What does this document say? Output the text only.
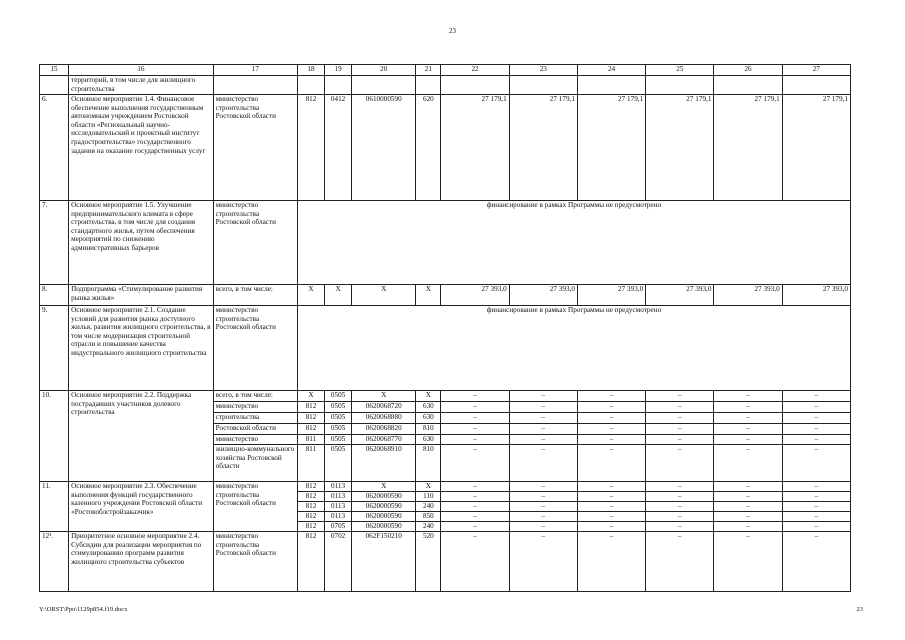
23
15	16	17	18	19	20	21	22	23	24	25	26	27
	территорий, в том числе для жилищного строительства											
6.	Основное мероприятие 1.4. Финансовое обеспечение выполнения государственным автономным учреждением Ростовской области «Региональный научно-исследовательский и проектный институт градостроительства» государственного задания на оказание государственных услуг	министерство строительства Ростовской области	812	0412	0610000590	620	27 179,1	27 179,1	27 179,1	27 179,1	27 179,1	27 179,1
7.	Основное мероприятие 1.5. Улучшение предпринимательского климата в сфере строительства, в том числе для создания стандартного жилья, путем обеспечения мероприятий по снижению административных барьеров	министерство строительства Ростовской области	финансирование в рамках Программы не предусмотрено									
8.	Подпрограмма «Стимулирование развития рынка жилья»	всего, в том числе:	X	X	X	X	27 393,0	27 393,0	27 393,0	27 393,0	27 393,0	27 393,0
9.	Основное мероприятие 2.1. Создание условий для развития рынка доступного жилья, развития жилищного строительства, в том числе модернизация строительной отрасли и повышение качества индустриального жилищного строительства	министерство строительства Ростовской области	финансирование в рамках Программы не предусмотрено									
10.	Основное мероприятие 2.2. Поддержка пострадавших участников долевого строительства	всего, в том числе:	X	0505	X	X	–	–	–	–	–	–
		министерство	812	0505	0620068720	630	–	–	–	–	–	–
		строительства	812	0505	0620068880	630	–	–	–	–	–	–
		Ростовской области	812	0505	0620068820	810	–	–	–	–	–	–
		министерство	811	0505	0620068770	630	–	–	–	–	–	–
		жилищно-коммунального хозяйства Ростовской области	811	0505	0620068910	810	–	–	–	–	–	–
11.	Основное мероприятие 2.3. Обеспечение выполнения функций государственного казенного учреждения Ростовской области «Ростовоблстройзаказчик»	министерство строительства Ростовской области	812	0113	X	X	–	–	–	–	–	–
			812	0113	0620000590	110	–	–	–	–	–	–
			812	0113	0620000590	240	–	–	–	–	–	–
			812	0113	0620000590	850	–	–	–	–	–	–
			812	0705	0620000590	240	–	–	–	–	–	–
12¹.	Приоритетное основное мероприятие 2.4. Субсидии для реализации мероприятия по стимулированию программ развития жилищного строительства субъектов	министерство строительства Ростовской области	812	0702	062F150210	520	–	–	–	–	–	–
Y:\ORST\Ppo\1129p854.f19.docx	23
